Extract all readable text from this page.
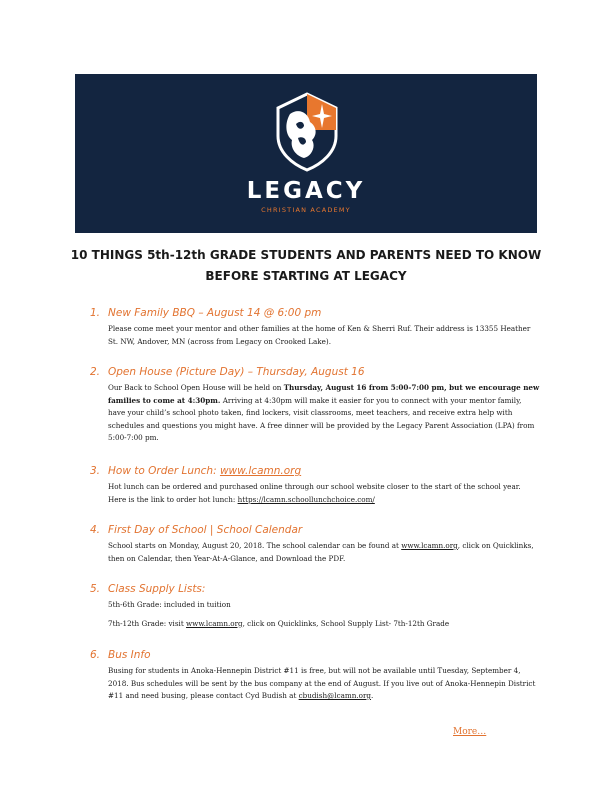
LEGACY
CHRISTIAN ACADEMY
10 THINGS 5th-12th GRADE STUDENTS AND PARENTS NEED TO KNOW
BEFORE STARTING AT LEGACY
1. New Family BBQ – August 14 @ 6:00 pm
Please come meet your mentor and other families at the home of Ken & Sherri Ruf. Their address is 13355 Heather St. NW, Andover, MN (across from Legacy on Crooked Lake).
2. Open House (Picture Day) – Thursday, August 16
Our Back to School Open House will be held on Thursday, August 16 from 5:00-7:00 pm, but we encourage new families to come at 4:30pm. Arriving at 4:30pm will make it easier for you to connect with your mentor family, have your child’s school photo taken, find lockers, visit classrooms, meet teachers, and receive extra help with schedules and questions you might have. A free dinner will be provided by the Legacy Parent Association (LPA) from 5:00-7:00 pm.
3. How to Order Lunch: www.lcamn.org
Hot lunch can be ordered and purchased online through our school website closer to the start of the school year. Here is the link to order hot lunch: https://lcamn.schoollunchchoice.com/
4. First Day of School | School Calendar
School starts on Monday, August 20, 2018. The school calendar can be found at www.lcamn.org, click on Quicklinks, then on Calendar, then Year-At-A-Glance, and Download the PDF.
5. Class Supply Lists:

5th-6th Grade: included in tuition

7th-12th Grade: visit www.lcamn.org, click on Quicklinks, School Supply List- 7th-12th Grade

6. Bus Info
Busing for students in Anoka-Hennepin District #11 is free, but will not be available until Tuesday, September 4, 2018. Bus schedules will be sent by the bus company at the end of August. If you live out of Anoka-Hennepin District #11 and need busing, please contact Cyd Budish at cbudish@lcamn.org.
More…
